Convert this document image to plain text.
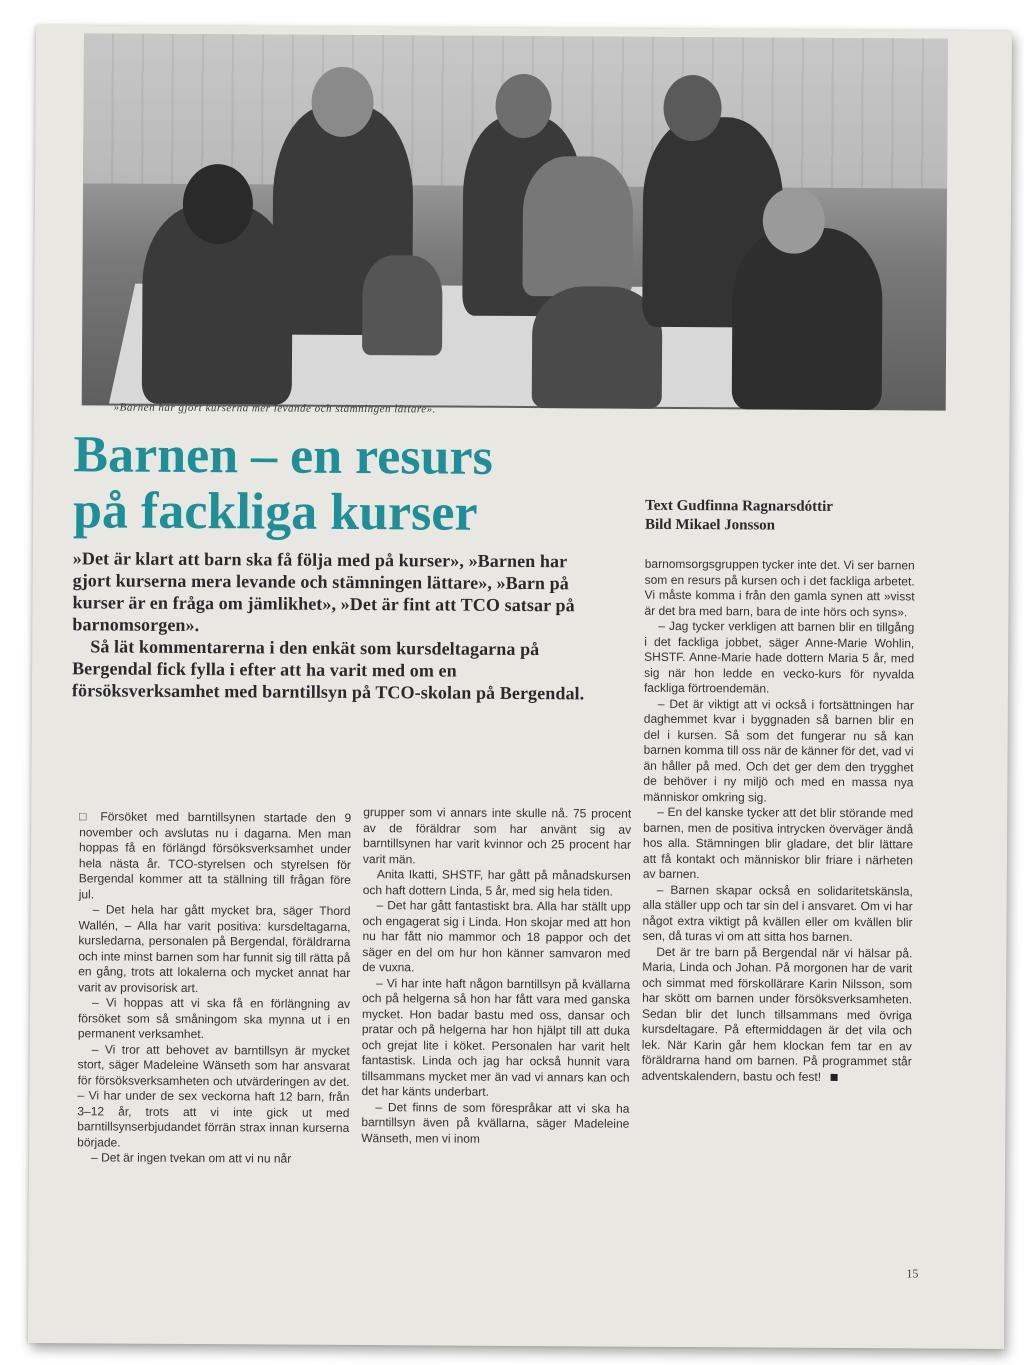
»Barnen har gjort kurserna mer levande och stämningen lättare».
Barnen – en resurs
på fackliga kurser	Text Gudfinna Ragnarsdóttir
Bild Mikael Jonsson

»Det är klart att barn ska få följa med på kurser», »Barnen har gjort kurserna mera levande och stämningen lättare», »Barn på kurser är en fråga om jämlikhet», »Det är fint att TCO satsar på barnomsorgen».

Så lät kommentarerna i den enkät som kursdeltagarna på Bergendal fick fylla i efter att ha varit med om en försöksverksamhet med barntillsyn på TCO-skolan på Bergendal.

□ Försöket med barntillsynen startade den 9 november och avslutas nu i dagarna. Men man hoppas få en förlängd försöksverksamhet under hela nästa år. TCO-styrelsen och styrelsen för Bergendal kommer att ta ställning till frågan före jul.

– Det hela har gått mycket bra, säger Thord Wallén, – Alla har varit positiva: kursdeltagarna, kursledarna, personalen på Bergendal, föräldrarna och inte minst barnen som har funnit sig till rätta på en gång, trots att lokalerna och mycket annat har varit av provisorisk art.

– Vi hoppas att vi ska få en förlängning av försöket som så småningom ska mynna ut i en permanent verksamhet.

– Vi tror att behovet av barntillsyn är mycket stort, säger Madeleine Wänseth som har ansvarat för försöksverksamheten och utvärderingen av det. – Vi har under de sex veckorna haft 12 barn, från 3–12 år, trots att vi inte gick ut med barntillsynserbjudandet förrän strax innan kurserna började.

– Det är ingen tvekan om att vi nu når

grupper som vi annars inte skulle nå. 75 procent av de föräldrar som har använt sig av barntillsynen har varit kvinnor och 25 procent har varit män.

Anita Ikatti, SHSTF, har gått på månadskursen och haft dottern Linda, 5 år, med sig hela tiden.

– Det har gått fantastiskt bra. Alla har ställt upp och engagerat sig i Linda. Hon skojar med att hon nu har fått nio mammor och 18 pappor och det säger en del om hur hon känner samvaron med de vuxna.

– Vi har inte haft någon barntillsyn på kvällarna och på helgerna så hon har fått vara med ganska mycket. Hon badar bastu med oss, dansar och pratar och på helgerna har hon hjälpt till att duka och grejat lite i köket. Personalen har varit helt fantastisk. Linda och jag har också hunnit vara tillsammans mycket mer än vad vi annars kan och det har känts underbart.

– Det finns de som förespråkar att vi ska ha barntillsyn även på kvällarna, säger Madeleine Wänseth, men vi inom

barnomsorgsgruppen tycker inte det. Vi ser barnen som en resurs på kursen och i det fackliga arbetet. Vi måste komma i från den gamla synen att »visst är det bra med barn, bara de inte hörs och syns».

– Jag tycker verkligen att barnen blir en tillgång i det fackliga jobbet, säger Anne-Marie Wohlin, SHSTF. Anne-Marie hade dottern Maria 5 år, med sig när hon ledde en vecko-kurs för nyvalda fackliga förtroendemän.

– Det är viktigt att vi också i fortsättningen har daghemmet kvar i byggnaden så barnen blir en del i kursen. Så som det fungerar nu så kan barnen komma till oss när de känner för det, vad vi än håller på med. Och det ger dem den trygghet de behöver i ny miljö och med en massa nya människor omkring sig.

– En del kanske tycker att det blir störande med barnen, men de positiva intrycken överväger ändå hos alla. Stämningen blir gladare, det blir lättare att få kontakt och människor blir friare i närheten av barnen.

– Barnen skapar också en solidaritetskänsla, alla ställer upp och tar sin del i ansvaret. Om vi har något extra viktigt på kvällen eller om kvällen blir sen, då turas vi om att sitta hos barnen.

Det är tre barn på Bergendal när vi hälsar på. Maria, Linda och Johan. På morgonen har de varit och simmat med förskollärare Karin Nilsson, som har skött om barnen under försöksverksamheten. Sedan blir det lunch tillsammans med övriga kursdeltagare. På eftermiddagen är det vila och lek. När Karin går hem klockan fem tar en av föräldrarna hand om barnen. På programmet står adventskalendern, bastu och fest!

15
